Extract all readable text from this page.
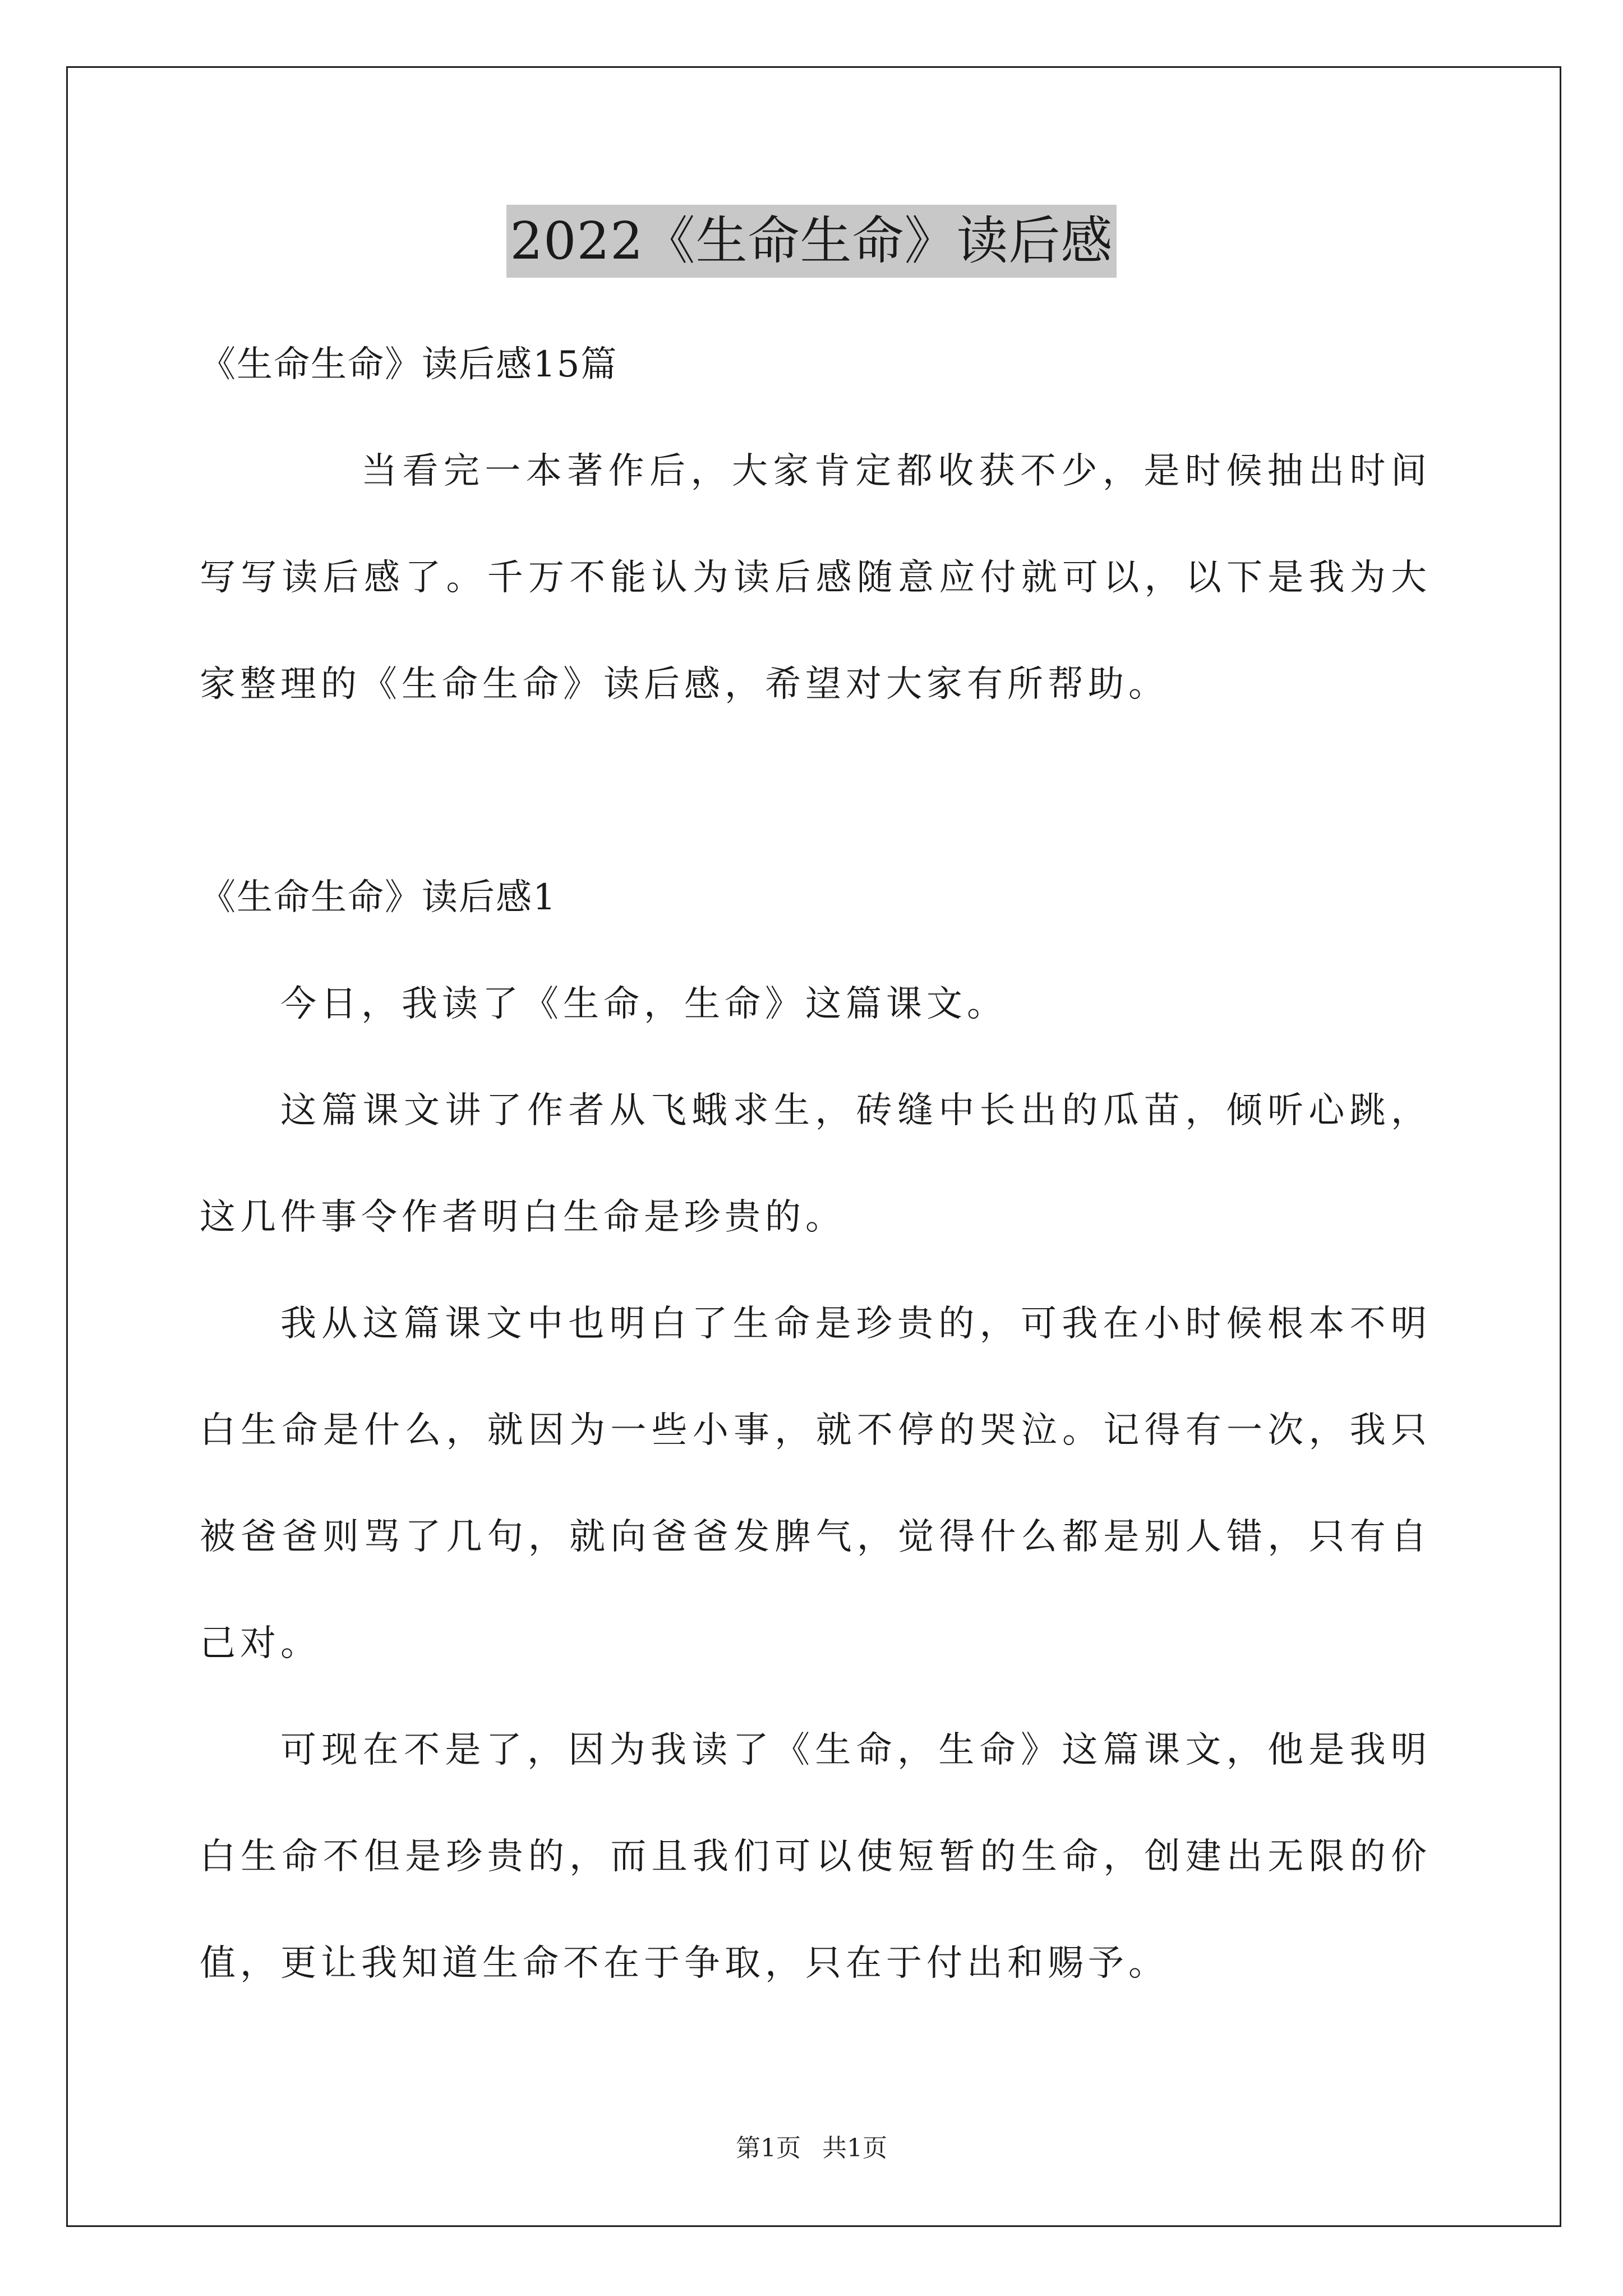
2022《生命生命》读后感

《生命生命》读后感15篇

当看完一本著作后，大家肯定都收获不少，是时候抽出时间写写读后感了。千万不能认为读后感随意应付就可以，以下是我为大家整理的《生命生命》读后感，希望对大家有所帮助。

《生命生命》读后感1

今日，我读了《生命，生命》这篇课文。

这篇课文讲了作者从飞蛾求生，砖缝中长出的瓜苗，倾听心跳，这几件事令作者明白生命是珍贵的。

我从这篇课文中也明白了生命是珍贵的，可我在小时候根本不明白生命是什么，就因为一些小事，就不停的哭泣。记得有一次，我只被爸爸则骂了几句，就向爸爸发脾气，觉得什么都是别人错，只有自己对。

可现在不是了，因为我读了《生命，生命》这篇课文，他是我明白生命不但是珍贵的，而且我们可以使短暂的生命，创建出无限的价值，更让我知道生命不在于争取，只在于付出和赐予。

第1页 共1页
